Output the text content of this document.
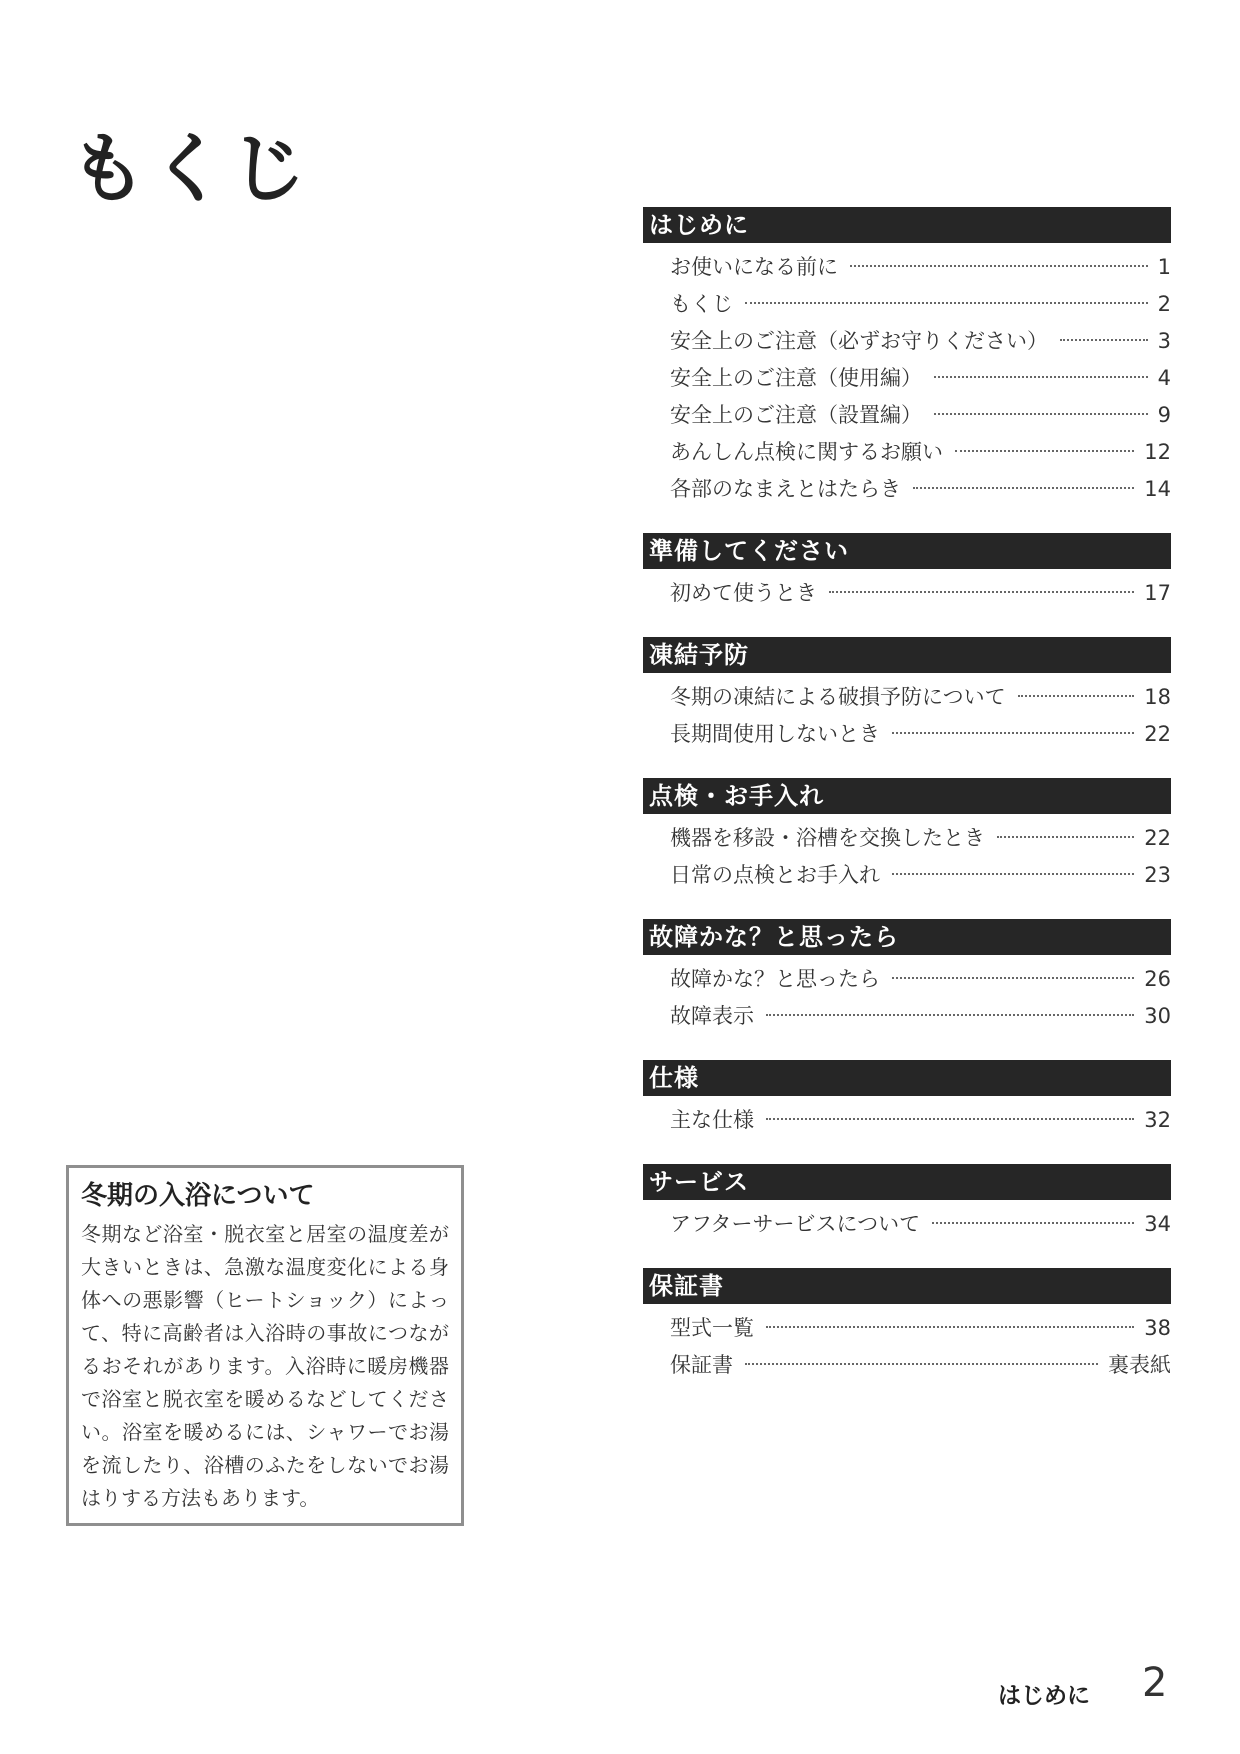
もくじ
はじめに
お使いになる前に	1
もくじ	2
安全上のご注意（必ずお守りください）	3
安全上のご注意（使用編）	4
安全上のご注意（設置編）	9
あんしん点検に関するお願い	12
各部のなまえとはたらき	14
準備してください
初めて使うとき	17
凍結予防
冬期の凍結による破損予防について	18
長期間使用しないとき	22
点検・お手入れ
機器を移設・浴槽を交換したとき	22
日常の点検とお手入れ	23
故障かな？と思ったら
故障かな？と思ったら	26
故障表示	30
仕様
主な仕様	32
サービス
アフターサービスについて	34
保証書
型式一覧	38
保証書	裏表紙
冬期の入浴について
冬期など浴室・脱衣室と居室の温度差が大きいときは、急激な温度変化による身体への悪影響（ヒートショック）によって、特に高齢者は入浴時の事故につながるおそれがあります。入浴時に暖房機器で浴室と脱衣室を暖めるなどしてください。浴室を暖めるには、シャワーでお湯を流したり、浴槽のふたをしないでお湯はりする方法もあります。
はじめに 2
